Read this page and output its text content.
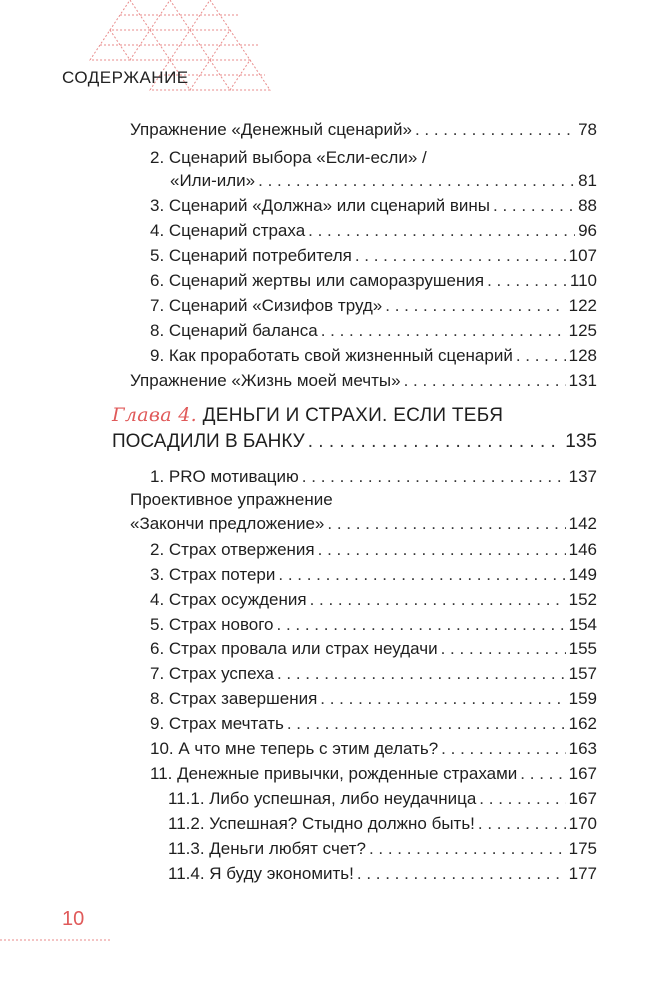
СОДЕРЖАНИЕ
Упражнение «Денежный сценарий» . . .	78
2. Сценарий выбора «Если-если» /
«Или-или» . . .	81
3. Сценарий «Должна» или сценарий вины . . .	88
4. Сценарий страха . . .	96
5. Сценарий потребителя . . .	107
6. Сценарий жертвы или саморазрушения . . .	110
7. Сценарий «Сизифов труд» . . .	122
8. Сценарий баланса . . .	125
9. Как проработать свой жизненный сценарий . . .	128
Упражнение «Жизнь моей мечты» . . .	131
Глава 4. ДЕНЬГИ И СТРАХИ. ЕСЛИ ТЕБЯ
ПОСАДИЛИ В БАНКУ . . .	135
1. PRO мотивацию . . .	137
Проективное упражнение
«Закончи предложение» . . .	142
2. Страх отвержения . . .	146
3. Страх потери . . .	149
4. Страх осуждения . . .	152
5. Страх нового . . .	154
6. Страх провала или страх неудачи . . .	155
7. Страх успеха . . .	157
8. Страх завершения . . .	159
9. Страх мечтать . . .	162
10. А что мне теперь с этим делать? . . .	163
11. Денежные привычки, рожденные страхами . . .	167
11.1. Либо успешная, либо неудачница . . .	167
11.2. Успешная? Стыдно должно быть! . . .	170
11.3. Деньги любят счет? . . .	175
11.4. Я буду экономить! . . .	177
10
